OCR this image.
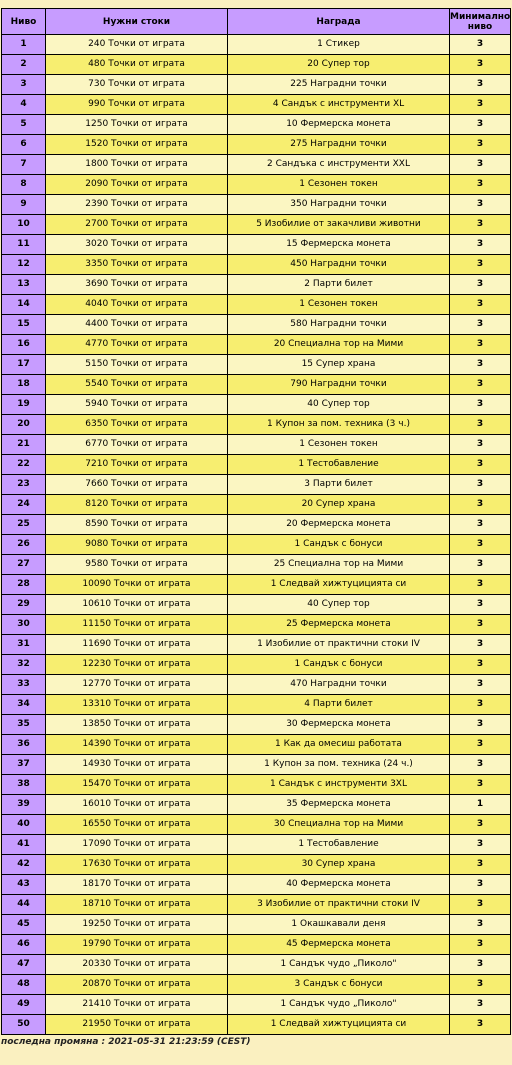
Ниво	Нужни стоки	Награда	Минимално ниво
1	240 Точки от играта	1 Стикер	3
2	480 Точки от играта	20 Супер тор	3
3	730 Точки от играта	225 Наградни точки	3
4	990 Точки от играта	4 Сандък с инструменти XL	3
5	1250 Точки от играта	10 Фермерска монета	3
6	1520 Точки от играта	275 Наградни точки	3
7	1800 Точки от играта	2 Сандъка с инструменти XXL	3
8	2090 Точки от играта	1 Сезонен токен	3
9	2390 Точки от играта	350 Наградни точки	3
10	2700 Точки от играта	5 Изобилие от закачливи животни	3
11	3020 Точки от играта	15 Фермерска монета	3
12	3350 Точки от играта	450 Наградни точки	3
13	3690 Точки от играта	2 Парти билет	3
14	4040 Точки от играта	1 Сезонен токен	3
15	4400 Точки от играта	580 Наградни точки	3
16	4770 Точки от играта	20 Специална тор на Мими	3
17	5150 Точки от играта	15 Супер храна	3
18	5540 Точки от играта	790 Наградни точки	3
19	5940 Точки от играта	40 Супер тор	3
20	6350 Точки от играта	1 Купон за пом. техника (3 ч.)	3
21	6770 Точки от играта	1 Сезонен токен	3
22	7210 Точки от играта	1 Тестобавление	3
23	7660 Точки от играта	3 Парти билет	3
24	8120 Точки от играта	20 Супер храна	3
25	8590 Точки от играта	20 Фермерска монета	3
26	9080 Точки от играта	1 Сандък с бонуси	3
27	9580 Точки от играта	25 Специална тор на Мими	3
28	10090 Точки от играта	1 Следвай хижтуцицията си	3
29	10610 Точки от играта	40 Супер тор	3
30	11150 Точки от играта	25 Фермерска монета	3
31	11690 Точки от играта	1 Изобилие от практични стоки IV	3
32	12230 Точки от играта	1 Сандък с бонуси	3
33	12770 Точки от играта	470 Наградни точки	3
34	13310 Точки от играта	4 Парти билет	3
35	13850 Точки от играта	30 Фермерска монета	3
36	14390 Точки от играта	1 Как да омесиш работата	3
37	14930 Точки от играта	1 Купон за пом. техника (24 ч.)	3
38	15470 Точки от играта	1 Сандък с инструменти 3XL	3
39	16010 Точки от играта	35 Фермерска монета	1
40	16550 Точки от играта	30 Специална тор на Мими	3
41	17090 Точки от играта	1 Тестобавление	3
42	17630 Точки от играта	30 Супер храна	3
43	18170 Точки от играта	40 Фермерска монета	3
44	18710 Точки от играта	3 Изобилие от практични стоки IV	3
45	19250 Точки от играта	1 Окашкавали деня	3
46	19790 Точки от играта	45 Фермерска монета	3
47	20330 Точки от играта	1 Сандък чудо „Пиколо"	3
48	20870 Точки от играта	3 Сандък с бонуси	3
49	21410 Точки от играта	1 Сандък чудо „Пиколо"	3
50	21950 Точки от играта	1 Следвай хижтуцицията си	3
последна промяна : 2021-05-31 21:23:59 (CEST)
